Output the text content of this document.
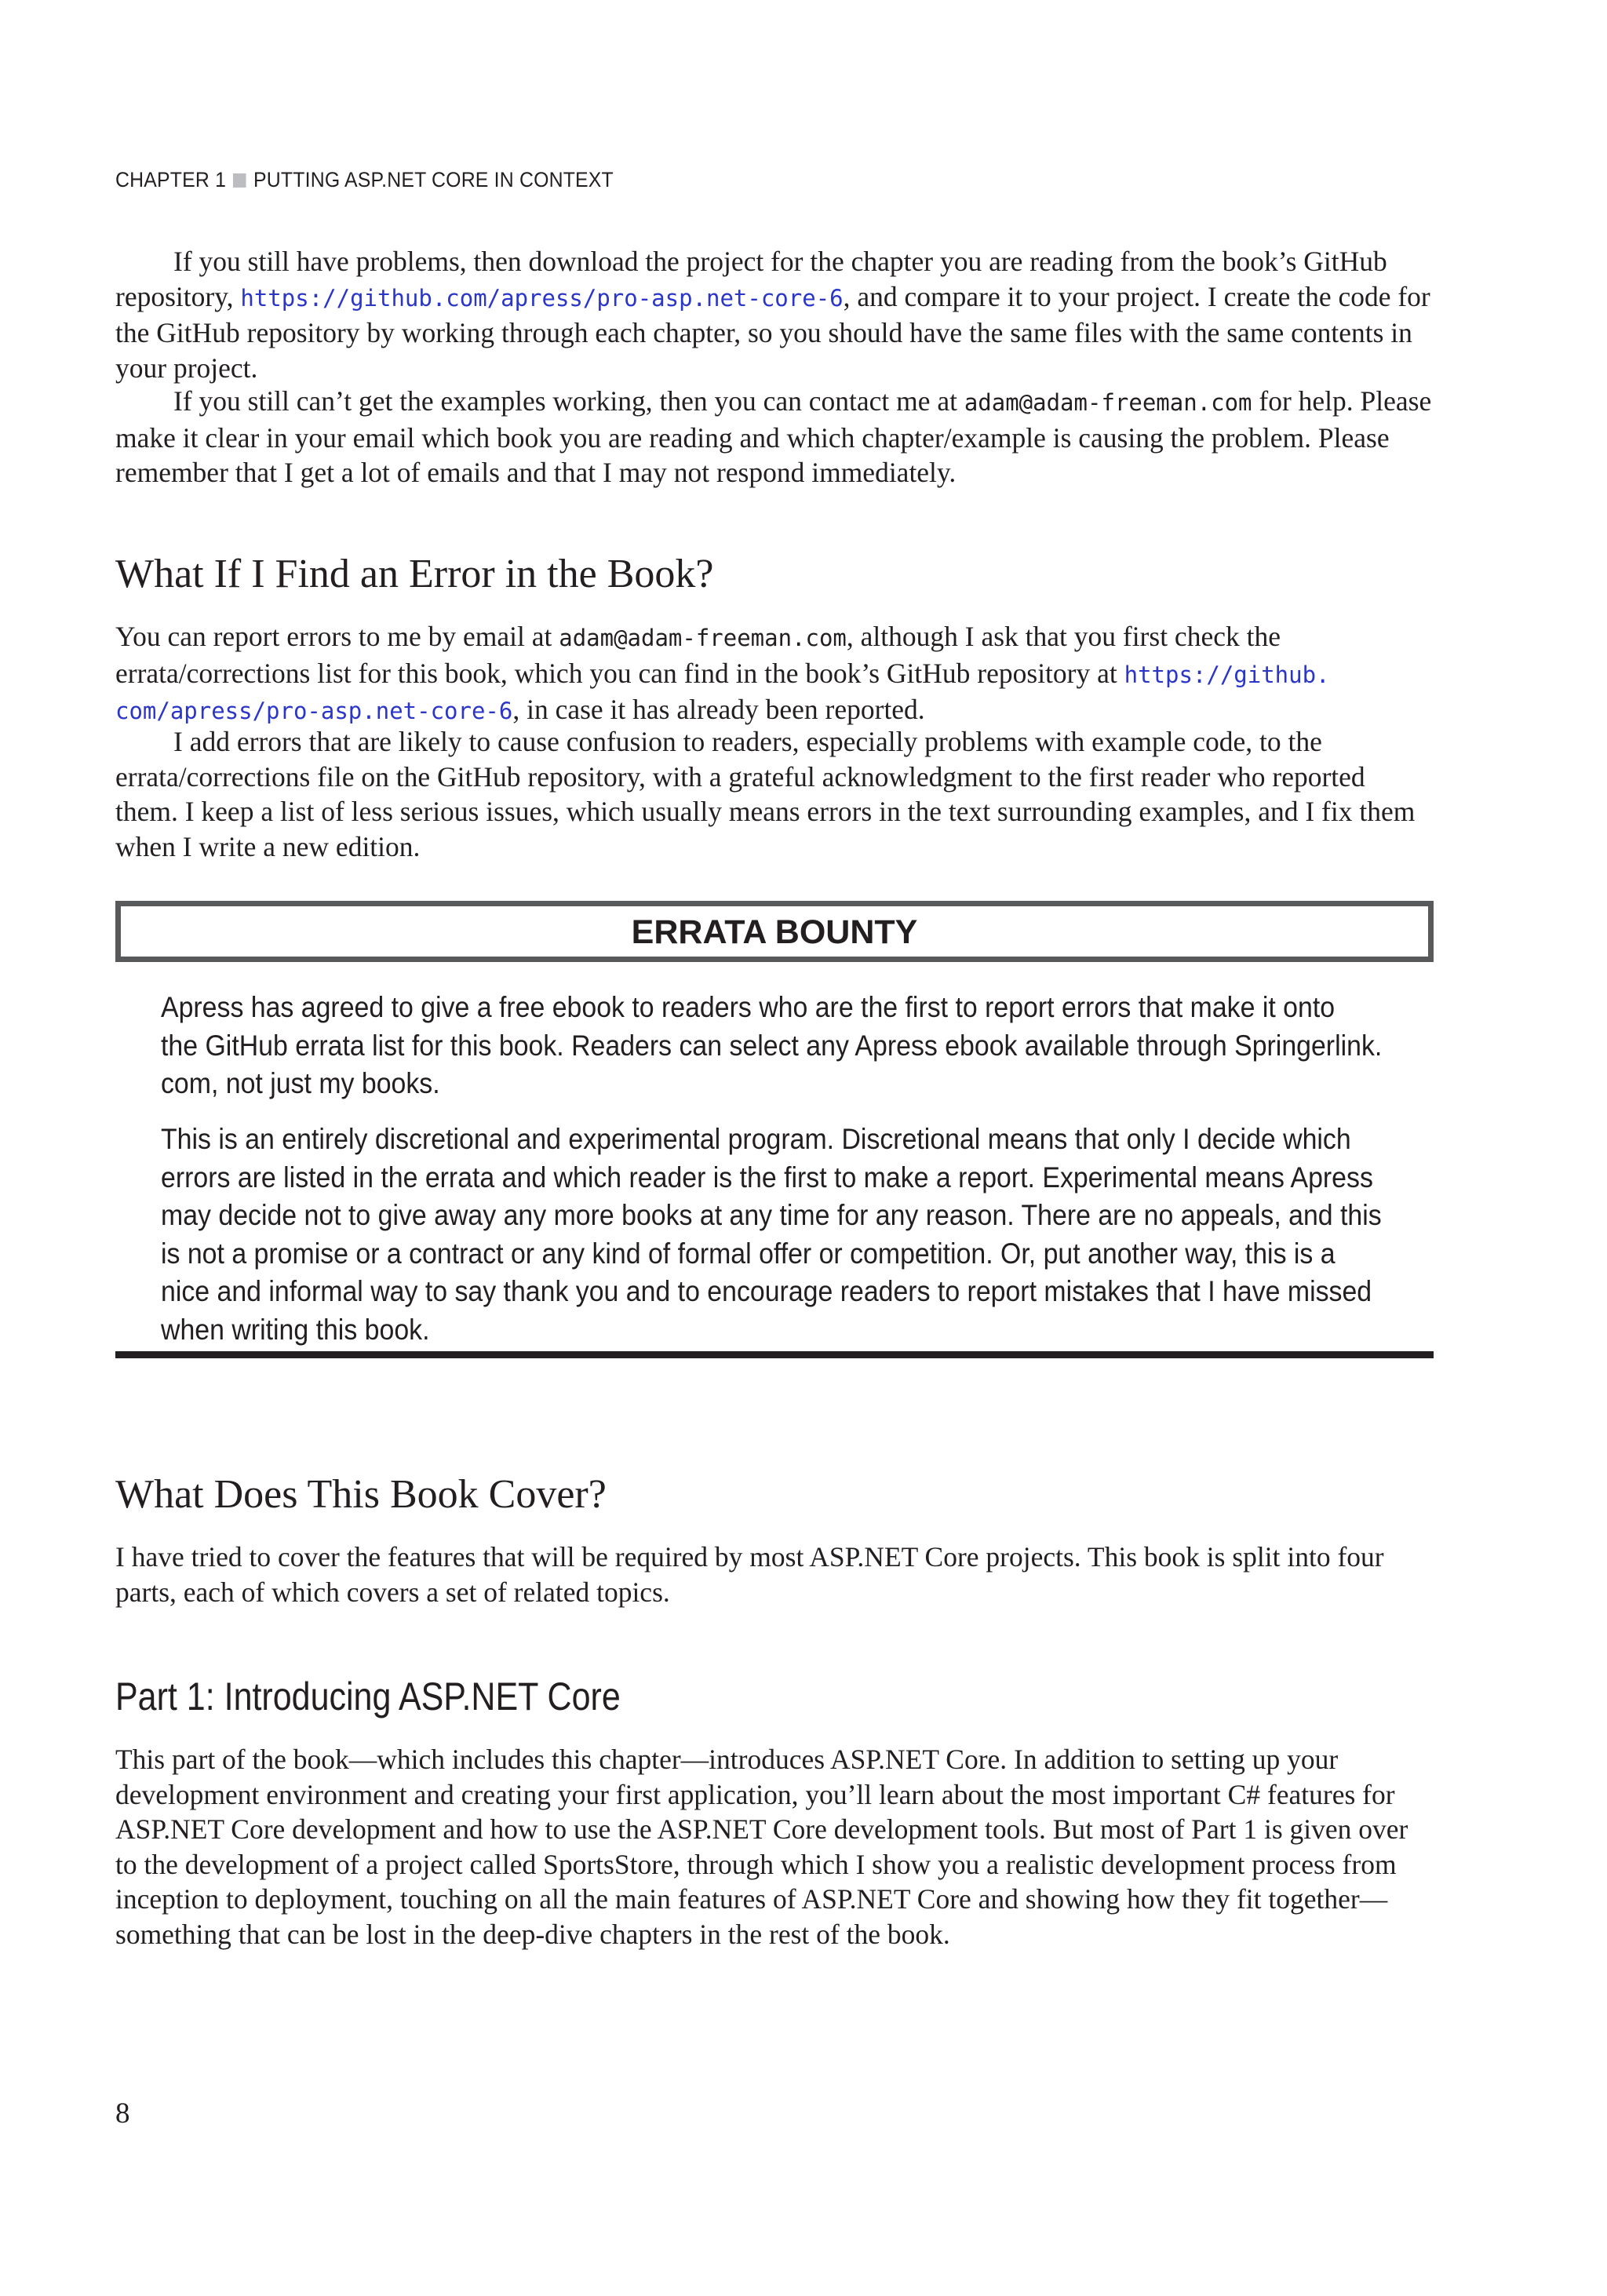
CHAPTER 1 PUTTING ASP.NET CORE IN CONTEXT

If you still have problems, then download the project for the chapter you are reading from the book’s GitHub repository, https://github.com/apress/pro-asp.net-core-6, and compare it to your project. I create the code for the GitHub repository by working through each chapter, so you should have the same files with the same contents in your project.

If you still can’t get the examples working, then you can contact me at adam@adam-freeman.com for help. Please make it clear in your email which book you are reading and which chapter/example is causing the problem. Please remember that I get a lot of emails and that I may not respond immediately.

What If I Find an Error in the Book?

You can report errors to me by email at adam@adam-freeman.com, although I ask that you first check the errata/corrections list for this book, which you can find in the book’s GitHub repository at https://github. com/apress/pro-asp.net-core-6, in case it has already been reported.

I add errors that are likely to cause confusion to readers, especially problems with example code, to the errata/corrections file on the GitHub repository, with a grateful acknowledgment to the first reader who reported them. I keep a list of less serious issues, which usually means errors in the text surrounding examples, and I fix them when I write a new edition.

ERRATA BOUNTY
Apress has agreed to give a free ebook to readers who are the first to report errors that make it onto
the GitHub errata list for this book. Readers can select any Apress ebook available through Springerlink.
com, not just my books.
This is an entirely discretional and experimental program. Discretional means that only I decide which
errors are listed in the errata and which reader is the first to make a report. Experimental means Apress
may decide not to give away any more books at any time for any reason. There are no appeals, and this
is not a promise or a contract or any kind of formal offer or competition. Or, put another way, this is a
nice and informal way to say thank you and to encourage readers to report mistakes that I have missed
when writing this book.
What Does This Book Cover?

I have tried to cover the features that will be required by most ASP.NET Core projects. This book is split into four parts, each of which covers a set of related topics.

Part 1: Introducing ASP.NET Core

This part of the book—which includes this chapter—introduces ASP.NET Core. In addition to setting up your development environment and creating your first application, you’ll learn about the most important C# features for ASP.NET Core development and how to use the ASP.NET Core development tools. But most of Part 1 is given over to the development of a project called SportsStore, through which I show you a realistic development process from inception to deployment, touching on all the main features of ASP.NET Core and showing how they fit together—something that can be lost in the deep-dive chapters in the rest of the book.

8
